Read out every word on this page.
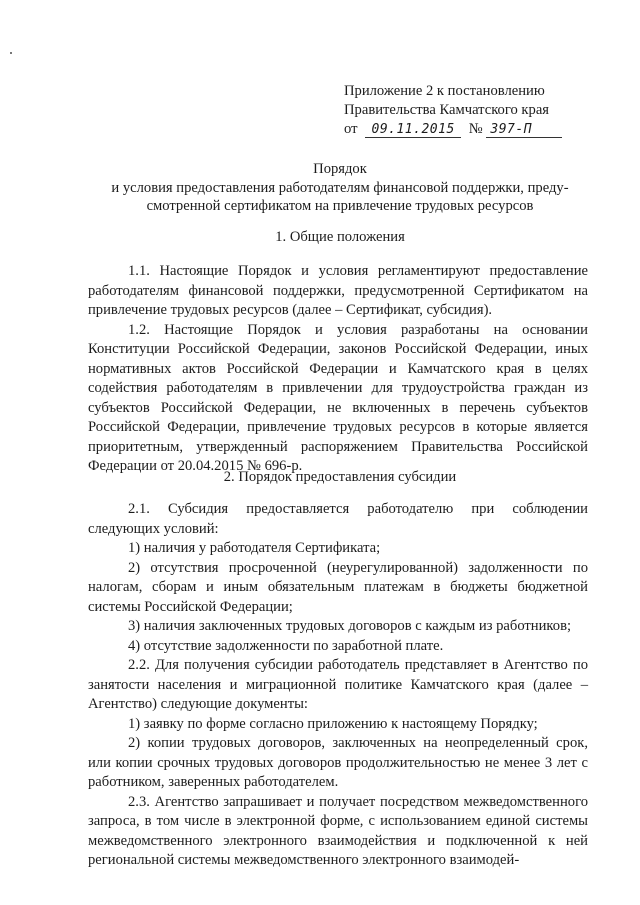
Приложение 2 к постановлению
Правительства Камчатского края
от 09.11.2015 № 397-П
Порядок
и условия предоставления работодателям финансовой поддержки, преду-
смотренной сертификатом на привлечение трудовых ресурсов
1. Общие положения

1.1. Настоящие Порядок и условия регламентируют предоставление работодателям финансовой поддержки, предусмотренной Сертификатом на привлечение трудовых ресурсов (далее – Сертификат, субсидия).

1.2. Настоящие Порядок и условия разработаны на основании Конституции Российской Федерации, законов Российской Федерации, иных нормативных актов Российской Федерации и Камчатского края в целях содействия работодателям в привлечении для трудоустройства граждан из субъектов Российской Федерации, не включенных в перечень субъектов Российской Федерации, привлечение трудовых ресурсов в которые является приоритетным, утвержденный распоряжением Правительства Российской Федерации от 20.04.2015 № 696-р.

2. Порядок предоставления субсидии

2.1. Субсидия предоставляется работодателю при соблюдении следующих условий:

1) наличия у работодателя Сертификата;

2) отсутствия просроченной (неурегулированной) задолженности по налогам, сборам и иным обязательным платежам в бюджеты бюджетной системы Российской Федерации;

3) наличия заключенных трудовых договоров с каждым из работников;

4) отсутствие задолженности по заработной плате.

2.2. Для получения субсидии работодатель представляет в Агентство по занятости населения и миграционной политике Камчатского края (далее – Агентство) следующие документы:

1) заявку по форме согласно приложению к настоящему Порядку;

2) копии трудовых договоров, заключенных на неопределенный срок, или копии срочных трудовых договоров продолжительностью не менее 3 лет с работником, заверенных работодателем.

2.3. Агентство запрашивает и получает посредством межведомственного запроса, в том числе в электронной форме, с использованием единой системы межведомственного электронного взаимодействия и подключенной к ней региональной системы межведомственного электронного взаимодей-
